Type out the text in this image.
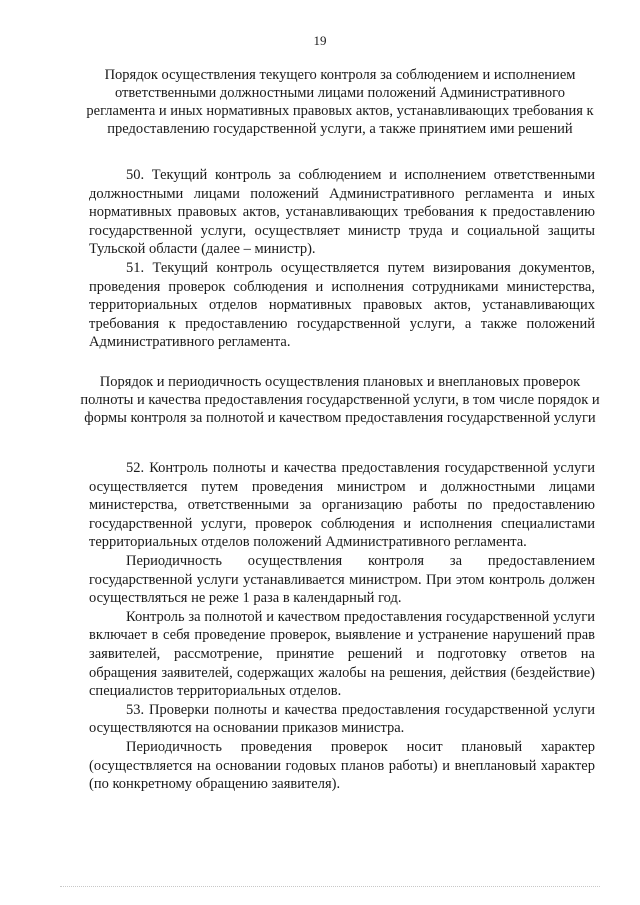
19
Порядок осуществления текущего контроля за соблюдением и исполнением ответственными должностными лицами положений Административного регламента и иных нормативных правовых актов, устанавливающих требования к предоставлению государственной услуги, а также принятием ими решений

50. Текущий контроль за соблюдением и исполнением ответственными должностными лицами положений Административного регламента и иных нормативных правовых актов, устанавливающих требования к предоставлению государственной услуги, осуществляет министр труда и социальной защиты Тульской области (далее – министр).

51. Текущий контроль осуществляется путем визирования документов, проведения проверок соблюдения и исполнения сотрудниками министерства, территориальных отделов нормативных правовых актов, устанавливающих требования к предоставлению государственной услуги, а также положений Административного регламента.

Порядок и периодичность осуществления плановых и внеплановых проверок полноты и качества предоставления государственной услуги, в том числе порядок и формы контроля за полнотой и качеством предоставления государственной услуги

52. Контроль полноты и качества предоставления государственной услуги осуществляется путем проведения министром и должностными лицами министерства, ответственными за организацию работы по предоставлению государственной услуги, проверок соблюдения и исполнения специалистами территориальных отделов положений Административного регламента.

Периодичность осуществления контроля за предоставлением государственной услуги устанавливается министром. При этом контроль должен осуществляться не реже 1 раза в календарный год.

Контроль за полнотой и качеством предоставления государственной услуги включает в себя проведение проверок, выявление и устранение нарушений прав заявителей, рассмотрение, принятие решений и подготовку ответов на обращения заявителей, содержащих жалобы на решения, действия (бездействие) специалистов территориальных отделов.

53. Проверки полноты и качества предоставления государственной услуги осуществляются на основании приказов министра.

Периодичность проведения проверок носит плановый характер (осуществляется на основании годовых планов работы) и внеплановый характер (по конкретному обращению заявителя).
